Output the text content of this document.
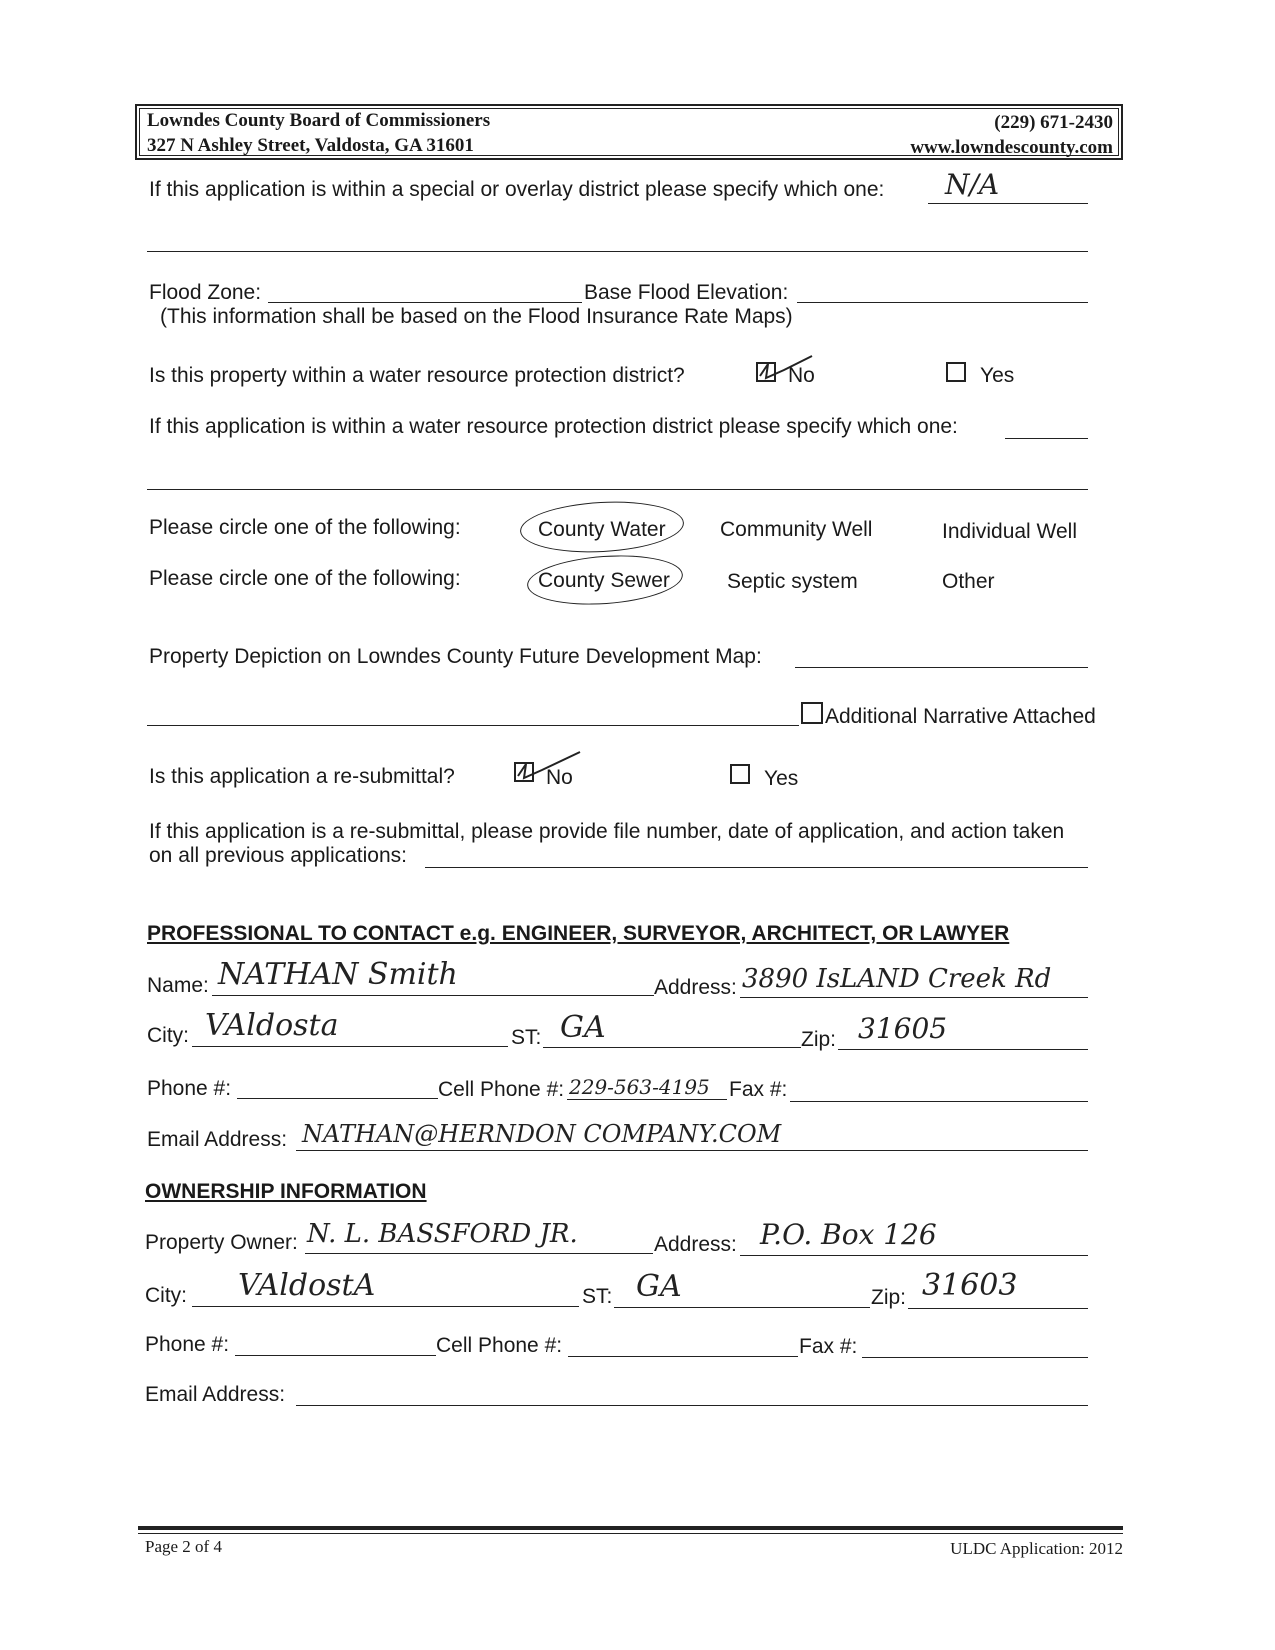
Lowndes County Board of Commissioners
327 N Ashley Street, Valdosta, GA 31601
(229) 671-2430
www.lowndescounty.com
If this application is within a special or overlay district please specify which one: N/A
Flood Zone:	Base Flood Elevation:
(This information shall be based on the Flood Insurance Rate Maps)
Is this property within a water resource protection district?	No	Yes
If this application is within a water resource protection district please specify which one:
Please circle one of the following:	County Water	Community Well	Individual Well
Please circle one of the following:	County Sewer	Septic system	Other
Property Depiction on Lowndes County Future Development Map:
Additional Narrative Attached
Is this application a re-submittal?	No	Yes
If this application is a re-submittal, please provide file number, date of application, and action taken
on all previous applications:
PROFESSIONAL TO CONTACT e.g. ENGINEER, SURVEYOR, ARCHITECT, OR LAWYER
Name: NATHAN Smith	Address: 3890 IsLAND Creek Rd
City: VAldosta	ST: GA	Zip: 31605
Phone #:	Cell Phone #: 229-563-4195 Fax #:
Email Address: NATHAN@HERNDON COMPANY.COM
OWNERSHIP INFORMATION
Property Owner: N. L. BASSFORD JR.	Address: P.O. Box 126
City: VAldostA	ST: GA	Zip: 31603
Phone #:	Cell Phone #:	Fax #:
Email Address:
Page 2 of 4	ULDC Application: 2012
